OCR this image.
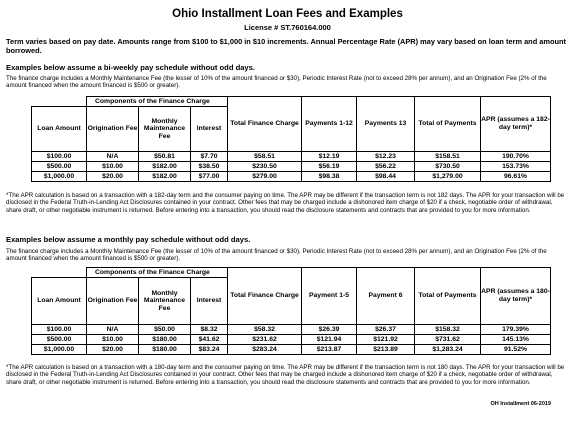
Ohio Installment Loan Fees and Examples
License # ST.760164.000
Term varies based on pay date. Amounts range from $100 to $1,000 in $10 increments. Annual Percentage Rate (APR) may vary based on loan term and amount borrowed.
Examples below assume a bi-weekly pay schedule without odd days.
The finance charge includes a Monthly Maintenance Fee (the lesser of 10% of the amount financed or $30), Periodic Interest Rate (not to exceed 28% per annum), and an Origination Fee (2% of the amount financed when the amount financed is $500 or greater).
	Components of the Finance Charge			Total Finance Charge	Payments 1-12	Payments 13	Total of Payments	APR (assumes a 182-day term)*
Loan Amount	Origination Fee	Monthly Maintenance Fee	Interest					
$100.00	N/A	$50.81	$7.70	$58.51	$12.19	$12.23	$158.51	190.70%
$500.00	$10.00	$182.00	$38.50	$230.50	$56.19	$56.22	$730.50	153.73%
$1,000.00	$20.00	$182.00	$77.00	$279.00	$98.38	$98.44	$1,279.00	96.61%
*The APR calculation is based on a transaction with a 182-day term and the consumer paying on time. The APR may be different if the transaction term is not 182 days. The APR for your transaction will be disclosed in the Federal Truth-in-Lending Act Disclosures contained in your contract. Other fees that may be charged include a dishonored item charge of $20 if a check, negotiable order of withdrawal, share draft, or other negotiable instrument is returned. Before entering into a transaction, you should read the disclosure statements and contracts that are provided to you for more information.
Examples below assume a monthly pay schedule without odd days.
The finance charge includes a Monthly Maintenance Fee (the lesser of 10% of the amount financed or $30), Periodic Interest Rate (not to exceed 28% per annum), and an Origination Fee (2% of the amount financed when the amount financed is $500 or greater).
	Components of the Finance Charge			Total Finance Charge	Payment 1-5	Payment 6	Total of Payments	APR (assumes a 180-day term)*
Loan Amount	Origination Fee	Monthly Maintenance Fee	Interest					
$100.00	N/A	$50.00	$8.32	$58.32	$26.39	$26.37	$158.32	179.39%
$500.00	$10.00	$180.00	$41.62	$231.62	$121.94	$121.92	$731.62	145.13%
$1,000.00	$20.00	$180.00	$83.24	$283.24	$213.87	$213.89	$1,283.24	91.52%
*The APR calculation is based on a transaction with a 180-day term and the consumer paying on time. The APR may be different if the transaction term is not 180 days. The APR for your transaction will be disclosed in the Federal Truth-in-Lending Act Disclosures contained in your contract. Other fees that may be charged include a dishonored item charge of $20 if a check, negotiable order of withdrawal, share draft, or other negotiable instrument is returned. Before entering into a transaction, you should read the disclosure statements and contracts that are provided to you for more information.
OH Installment 06-2019
